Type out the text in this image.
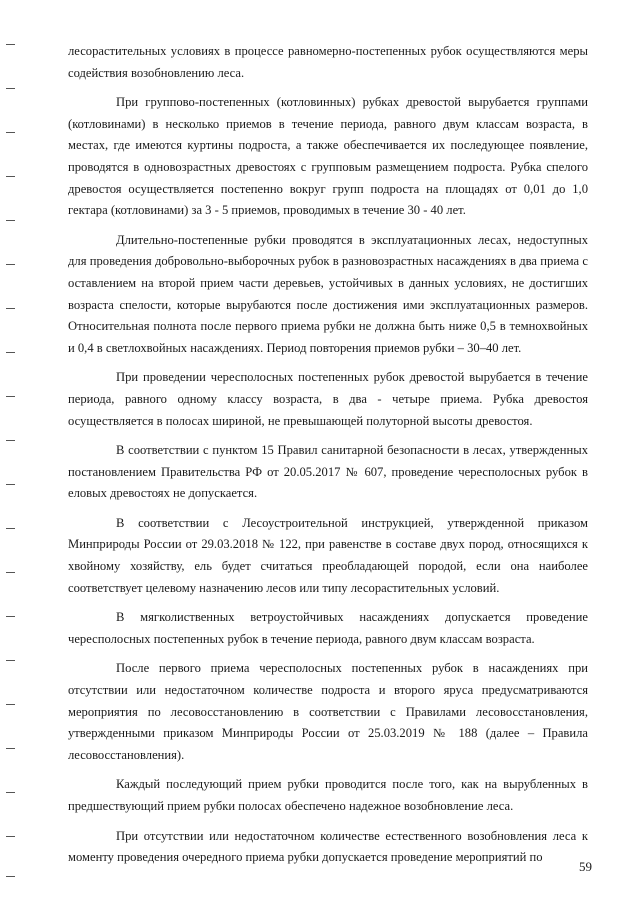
лесорастительных условиях в процессе равномерно-постепенных рубок осуществляются меры содействия возобновлению леса.

При группово-постепенных (котловинных) рубках древостой вырубается группами (котловинами) в несколько приемов в течение периода, равного двум классам возраста, в местах, где имеются куртины подроста, а также обеспечивается их последующее появление, проводятся в одновозрастных древостоях с групповым размещением подроста. Рубка спелого древостоя осуществляется постепенно вокруг групп подроста на площадях от 0,01 до 1,0 гектара (котловинами) за 3 - 5 приемов, проводимых в течение 30 - 40 лет.

Длительно-постепенные рубки проводятся в эксплуатационных лесах, недоступных для проведения добровольно-выборочных рубок в разновозрастных насаждениях в два приема с оставлением на второй прием части деревьев, устойчивых в данных условиях, не достигших возраста спелости, которые вырубаются после достижения ими эксплуатационных размеров. Относительная полнота после первого приема рубки не должна быть ниже 0,5 в темнохвойных и 0,4 в светлохвойных насаждениях. Период повторения приемов рубки – 30–40 лет.

При проведении чересполосных постепенных рубок древостой вырубается в течение периода, равного одному классу возраста, в два - четыре приема. Рубка древостоя осуществляется в полосах шириной, не превышающей полуторной высоты древостоя.

В соответствии с пунктом 15 Правил санитарной безопасности в лесах, утвержденных постановлением Правительства РФ от 20.05.2017 № 607, проведение чересполосных рубок в еловых древостоях не допускается.

В соответствии с Лесоустроительной инструкцией, утвержденной приказом Минприроды России от 29.03.2018 № 122, при равенстве в составе двух пород, относящихся к хвойному хозяйству, ель будет считаться преобладающей породой, если она наиболее соответствует целевому назначению лесов или типу лесорастительных условий.

В мягколиственных ветроустойчивых насаждениях допускается проведение чересполосных постепенных рубок в течение периода, равного двум классам возраста.

После первого приема чересполосных постепенных рубок в насаждениях при отсутствии или недостаточном количестве подроста и второго яруса предусматриваются мероприятия по лесовосстановлению в соответствии с Правилами лесовосстановления, утвержденными приказом Минприроды России от 25.03.2019 № 188 (далее – Правила лесовосстановления).

Каждый последующий прием рубки проводится после того, как на вырубленных в предшествующий прием рубки полосах обеспечено надежное возобновление леса.

При отсутствии или недостаточном количестве естественного возобновления леса к моменту проведения очередного приема рубки допускается проведение мероприятий по

59
